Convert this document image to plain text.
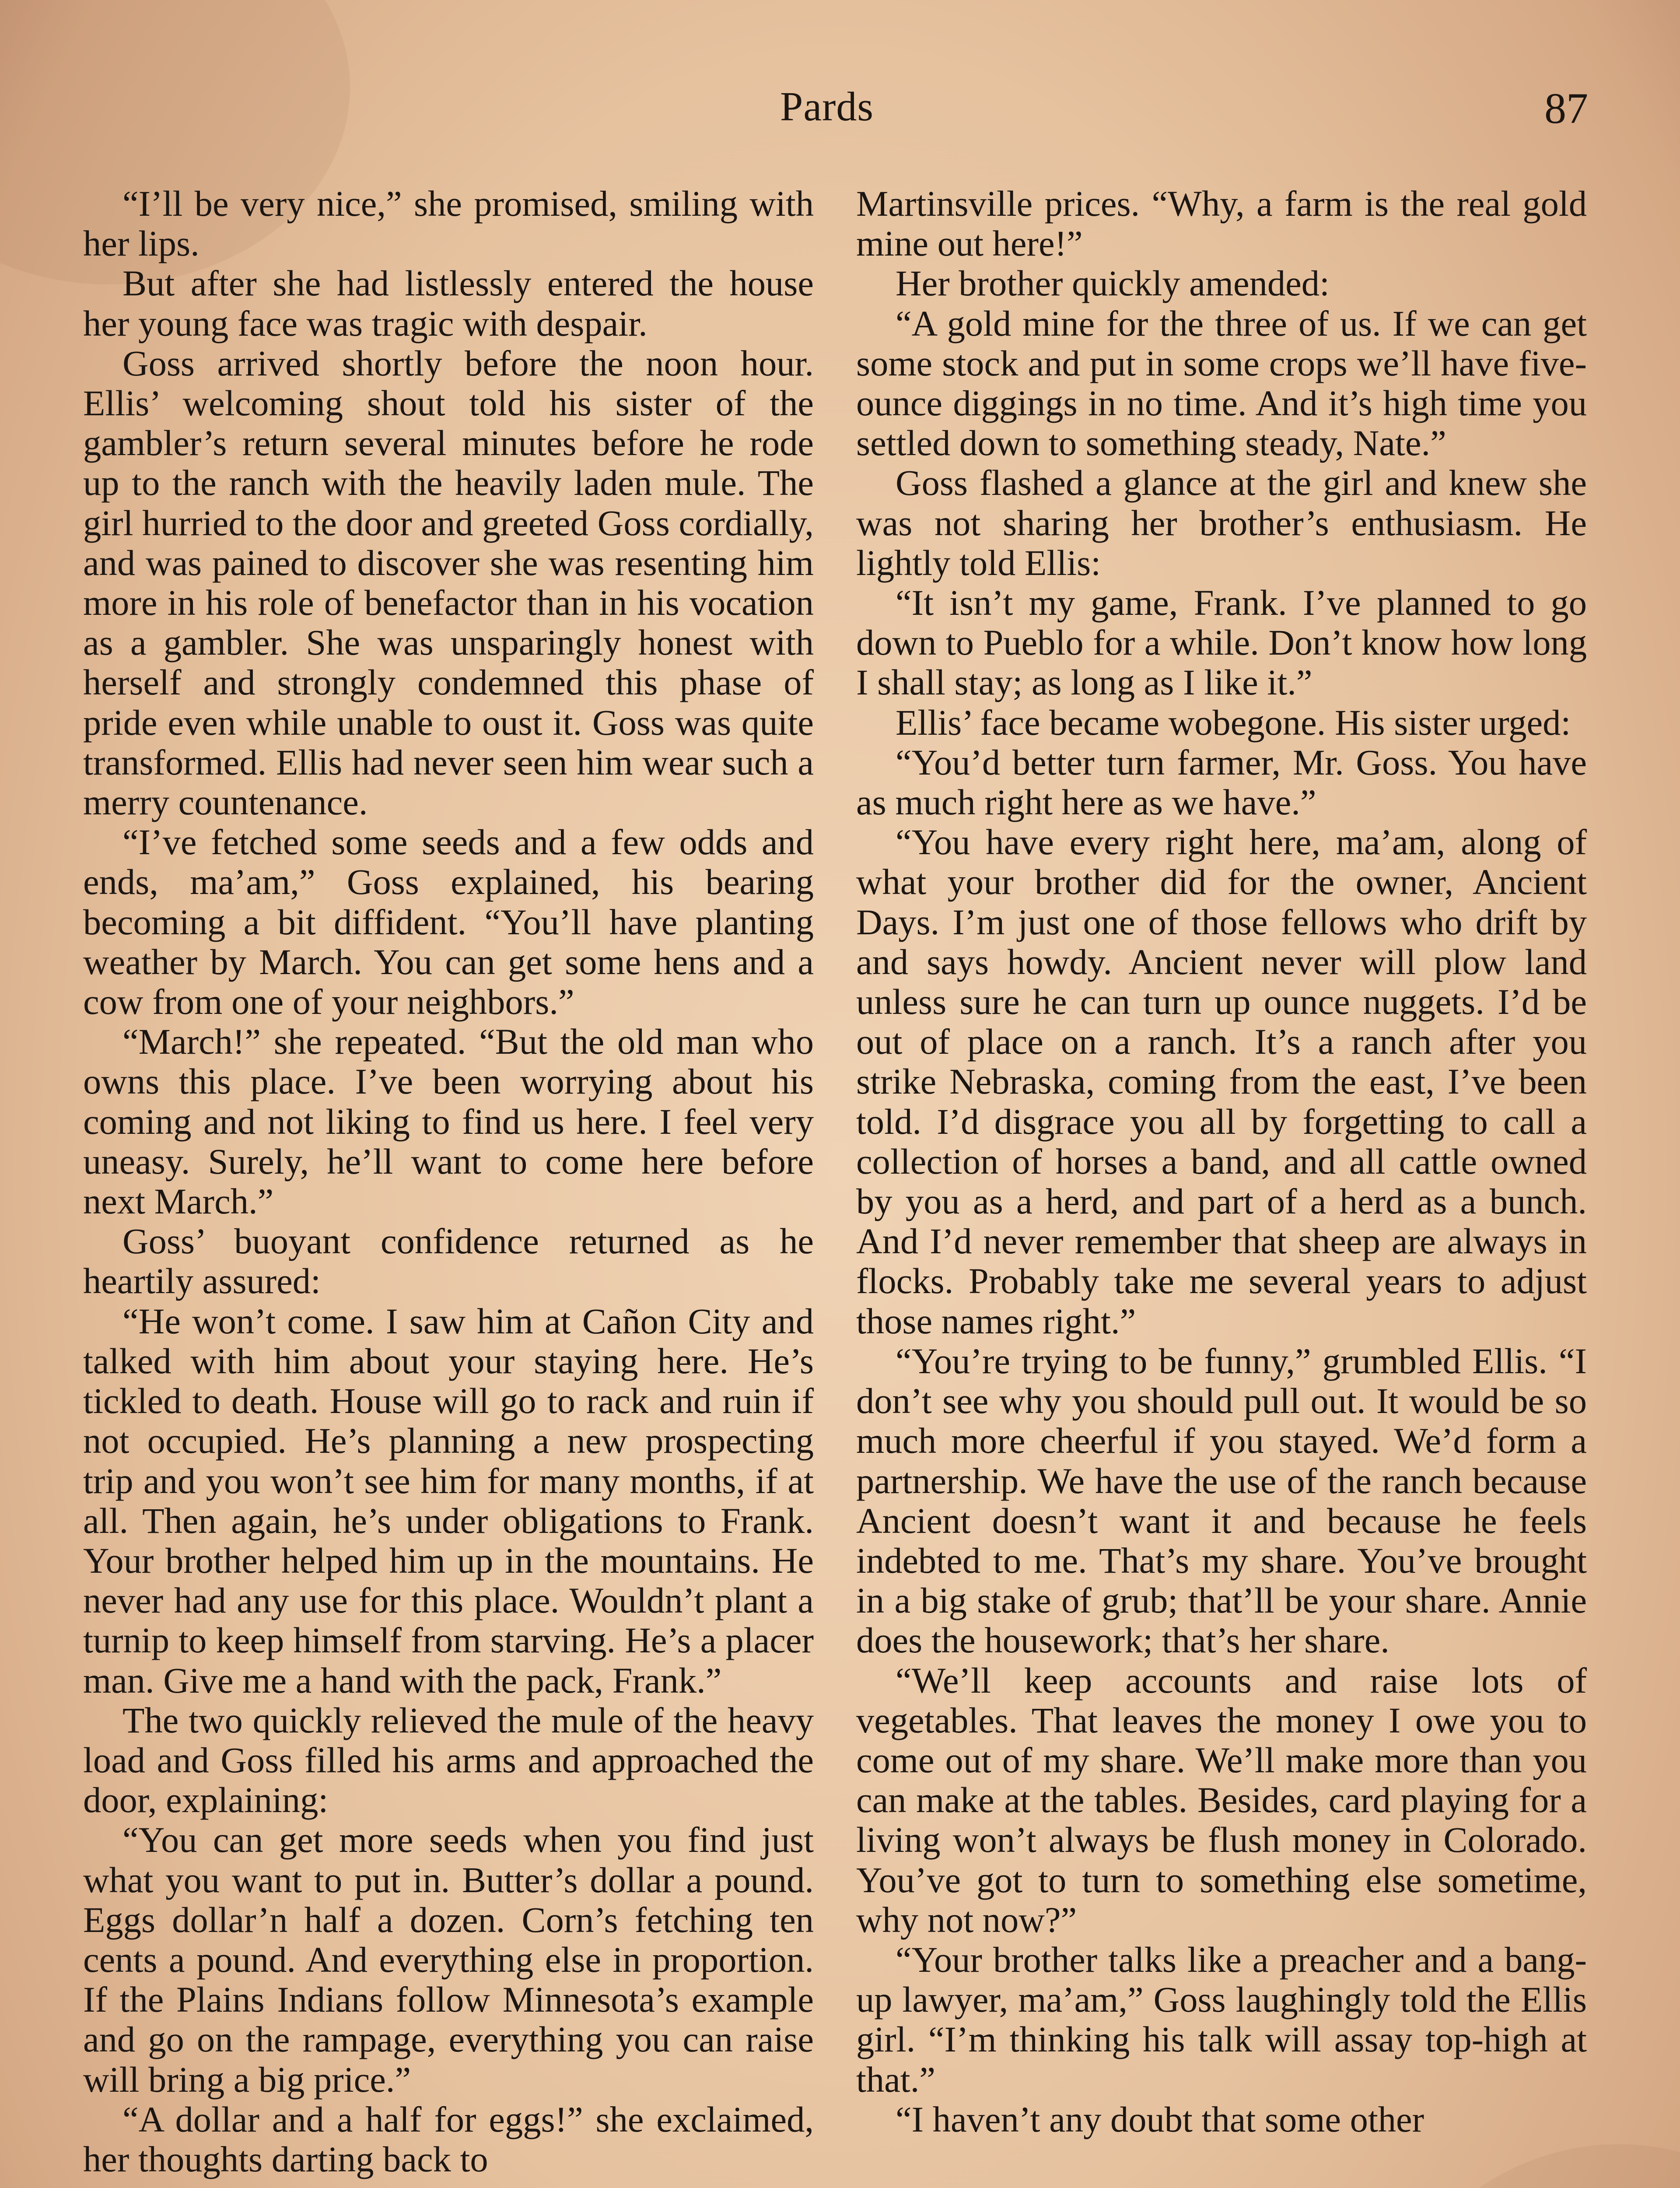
Pards	87

“I’ll be very nice,” she promised, smiling with her lips.

But after she had listlessly entered the house her young face was tragic with despair.

Goss arrived shortly before the noon hour. Ellis’ welcoming shout told his sister of the gambler’s return several minutes before he rode up to the ranch with the heavily laden mule. The girl hurried to the door and greeted Goss cordially, and was pained to discover she was resenting him more in his role of benefactor than in his vocation as a gambler. She was unsparingly honest with herself and strongly condemned this phase of pride even while unable to oust it. Goss was quite transformed. Ellis had never seen him wear such a merry countenance.

“I’ve fetched some seeds and a few odds and ends, ma’am,” Goss explained, his bearing becoming a bit diffident. “You’ll have planting weather by March. You can get some hens and a cow from one of your neighbors.”

“March!” she repeated. “But the old man who owns this place. I’ve been worrying about his coming and not liking to find us here. I feel very uneasy. Surely, he’ll want to come here before next March.”

Goss’ buoyant confidence returned as he heartily assured:

“He won’t come. I saw him at Cañon City and talked with him about your staying here. He’s tickled to death. House will go to rack and ruin if not occupied. He’s planning a new prospecting trip and you won’t see him for many months, if at all. Then again, he’s under obligations to Frank. Your brother helped him up in the mountains. He never had any use for this place. Wouldn’t plant a turnip to keep himself from starving. He’s a placer man. Give me a hand with the pack, Frank.”

The two quickly relieved the mule of the heavy load and Goss filled his arms and approached the door, explaining:

“You can get more seeds when you find just what you want to put in. Butter’s dollar a pound. Eggs dollar’n half a dozen. Corn’s fetching ten cents a pound. And everything else in proportion. If the Plains Indians follow Minnesota’s example and go on the rampage, everything you can raise will bring a big price.”

“A dollar and a half for eggs!” she exclaimed, her thoughts darting back to

Martinsville prices. “Why, a farm is the real gold mine out here!”

Her brother quickly amended:

“A gold mine for the three of us. If we can get some stock and put in some crops we’ll have five-ounce diggings in no time. And it’s high time you settled down to something steady, Nate.”

Goss flashed a glance at the girl and knew she was not sharing her brother’s enthusiasm. He lightly told Ellis:

“It isn’t my game, Frank. I’ve planned to go down to Pueblo for a while. Don’t know how long I shall stay; as long as I like it.”

Ellis’ face became wobegone. His sister urged:

“You’d better turn farmer, Mr. Goss. You have as much right here as we have.”

“You have every right here, ma’am, along of what your brother did for the owner, Ancient Days. I’m just one of those fellows who drift by and says howdy. Ancient never will plow land unless sure he can turn up ounce nuggets. I’d be out of place on a ranch. It’s a ranch after you strike Nebraska, coming from the east, I’ve been told. I’d disgrace you all by forgetting to call a collection of horses a band, and all cattle owned by you as a herd, and part of a herd as a bunch. And I’d never remember that sheep are always in flocks. Probably take me several years to adjust those names right.”

“You’re trying to be funny,” grumbled Ellis. “I don’t see why you should pull out. It would be so much more cheerful if you stayed. We’d form a partnership. We have the use of the ranch because Ancient doesn’t want it and because he feels indebted to me. That’s my share. You’ve brought in a big stake of grub; that’ll be your share. Annie does the housework; that’s her share.

“We’ll keep accounts and raise lots of vegetables. That leaves the money I owe you to come out of my share. We’ll make more than you can make at the tables. Besides, card playing for a living won’t always be flush money in Colorado. You’ve got to turn to something else sometime, why not now?”

“Your brother talks like a preacher and a bang-up lawyer, ma’am,” Goss laughingly told the Ellis girl. “I’m thinking his talk will assay top-high at that.”

“I haven’t any doubt that some other
